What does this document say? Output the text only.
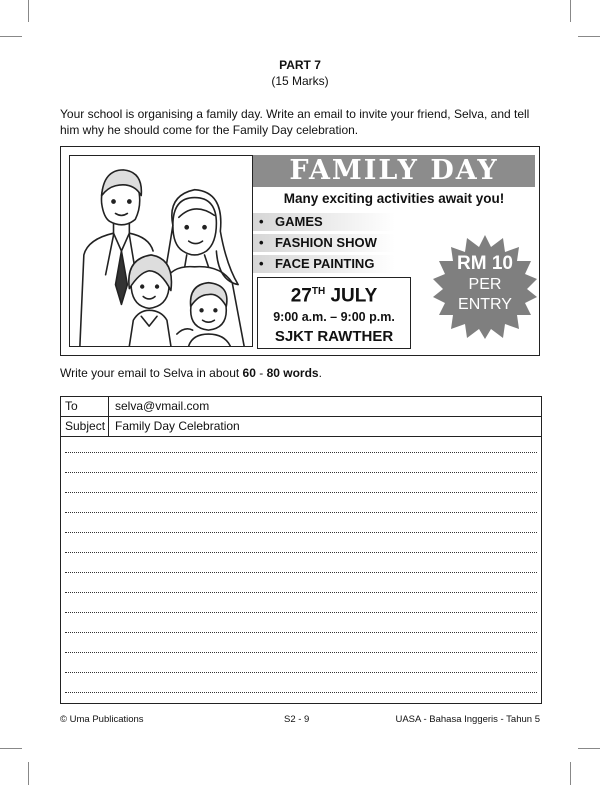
PART 7
(15 Marks)
Your school is organising a family day. Write an email to invite your friend, Selva, and tell him why he should come for the Family Day celebration.
FAMILY DAY
Many exciting activities await you!
• GAMES
• FASHION SHOW
• FACE PAINTING
27TH JULY
9:00 a.m. – 9:00 p.m.
SJKT RAWTHER
RM 10
PER
ENTRY
Write your email to Selva in about 60 - 80 words.
To	selva@vmail.com
Subject Family Day Celebration
© Uma Publications	S2 - 9	UASA - Bahasa Inggeris - Tahun 5
